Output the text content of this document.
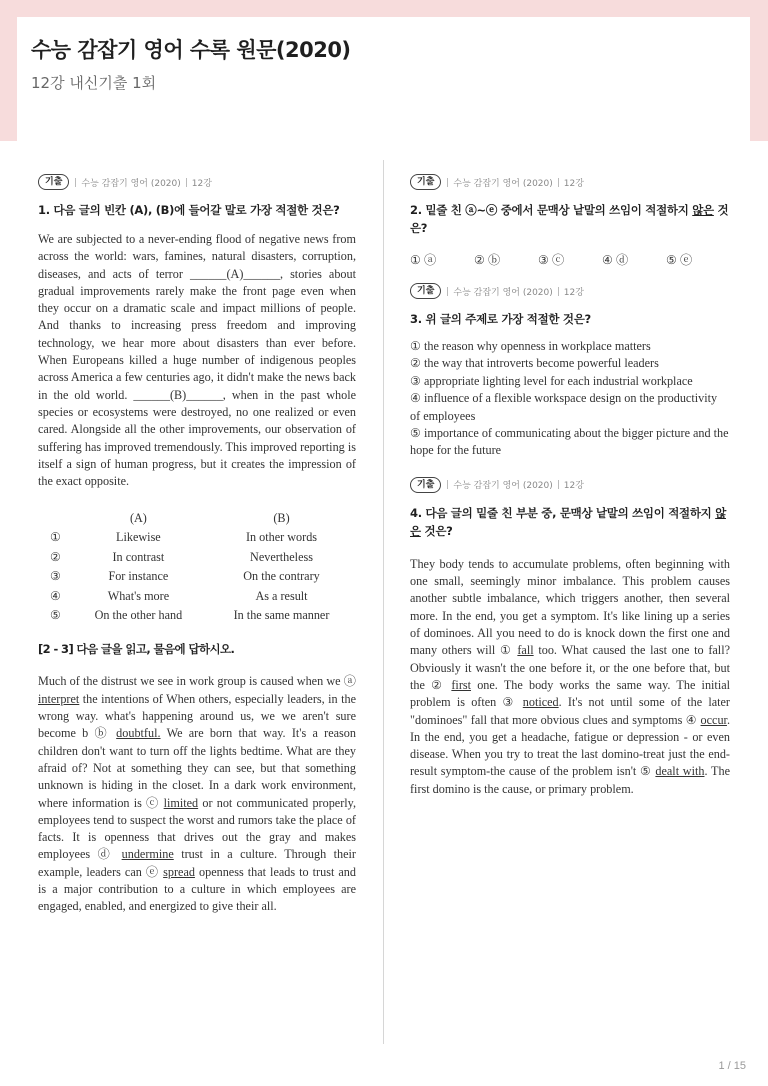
수능 감잡기 영어 수록 원문(2020)
12강 내신기출 1회
기출	수능 감잡기 영어 (2020) 12강
1. 다음 글의 빈칸 (A), (B)에 들어갈 말로 가장 적절한 것은?
We are subjected to a never-ending flood of negative news from across the world: wars, famines, natural disasters, corruption, diseases, and acts of terror ______(A)______, stories about gradual improvements rarely make the front page even when they occur on a dramatic scale and impact millions of people. And thanks to increasing press freedom and improving technology, we hear more about disasters than ever before. When Europeans killed a huge number of indigenous peoples across America a few centuries ago, it didn't make the news back in the old world. ______(B)______, when in the past whole species or ecosystems were destroyed, no one realized or even cared. Alongside all the other improvements, our observation of suffering has improved tremendously. This improved reporting is itself a sign of human progress, but it creates the impression of the exact opposite.
(A)	(B)
①	Likewise	In other words
②	In contrast	Nevertheless
③	For instance	On the contrary
④	What's more	As a result
⑤	On the other hand	In the same manner
[2 - 3] 다음 글을 읽고, 물음에 답하시오.
Much of the distrust we see in work group is caused when we ⓐ interpret the intentions of When others, especially leaders, in the wrong way. what's happening around us, we we aren't sure become b ⓑ doubtful. We are born that way. It's a reason children don't want to turn off the lights bedtime. What are they afraid of? Not at something they can see, but that something unknown is hiding in the closet. In a dark work environment, where information is ⓒ limited or not communicated properly, employees tend to suspect the worst and rumors take the place of facts. It is openness that drives out the gray and makes employees ⓓ undermine trust in a culture. Through their example, leaders can ⓔ spread openness that leads to trust and is a major contribution to a culture in which employees are engaged, enabled, and energized to give their all.
기출	수능 감잡기 영어 (2020) 12강
2. 밑줄 친 ⓐ~ⓔ 중에서 문맥상 낱말의 쓰임이 적절하지 않은 것은?
① ⓐ	② ⓑ	③ ⓒ	④ ⓓ	⑤ ⓔ
기출	수능 감잡기 영어 (2020) 12강
3. 위 글의 주제로 가장 적절한 것은?
① the reason why openness in workplace matters
② the way that introverts become powerful leaders
③ appropriate lighting level for each industrial workplace
④ influence of a flexible workspace design on the productivity of employees
⑤ importance of communicating about the bigger picture and the hope for the future
기출	수능 감잡기 영어 (2020) 12강
4. 다음 글의 밑줄 친 부분 중, 문맥상 낱말의 쓰임이 적절하지 않은 것은?
They body tends to accumulate problems, often beginning with one small, seemingly minor imbalance. This problem causes another subtle imbalance, which triggers another, then several more. In the end, you get a symptom. It's like lining up a series of dominoes. All you need to do is knock down the first one and many others will ① fall too. What caused the last one to fall? Obviously it wasn't the one before it, or the one before that, but the ② first one. The body works the same way. The initial problem is often ③ noticed. It's not until some of the later "dominoes" fall that more obvious clues and symptoms ④ occur. In the end, you get a headache, fatigue or depression - or even disease. When you try to treat the last domino-treat just the end-result symptom-the cause of the problem isn't ⑤ dealt with. The first domino is the cause, or primary problem.
1 / 15
